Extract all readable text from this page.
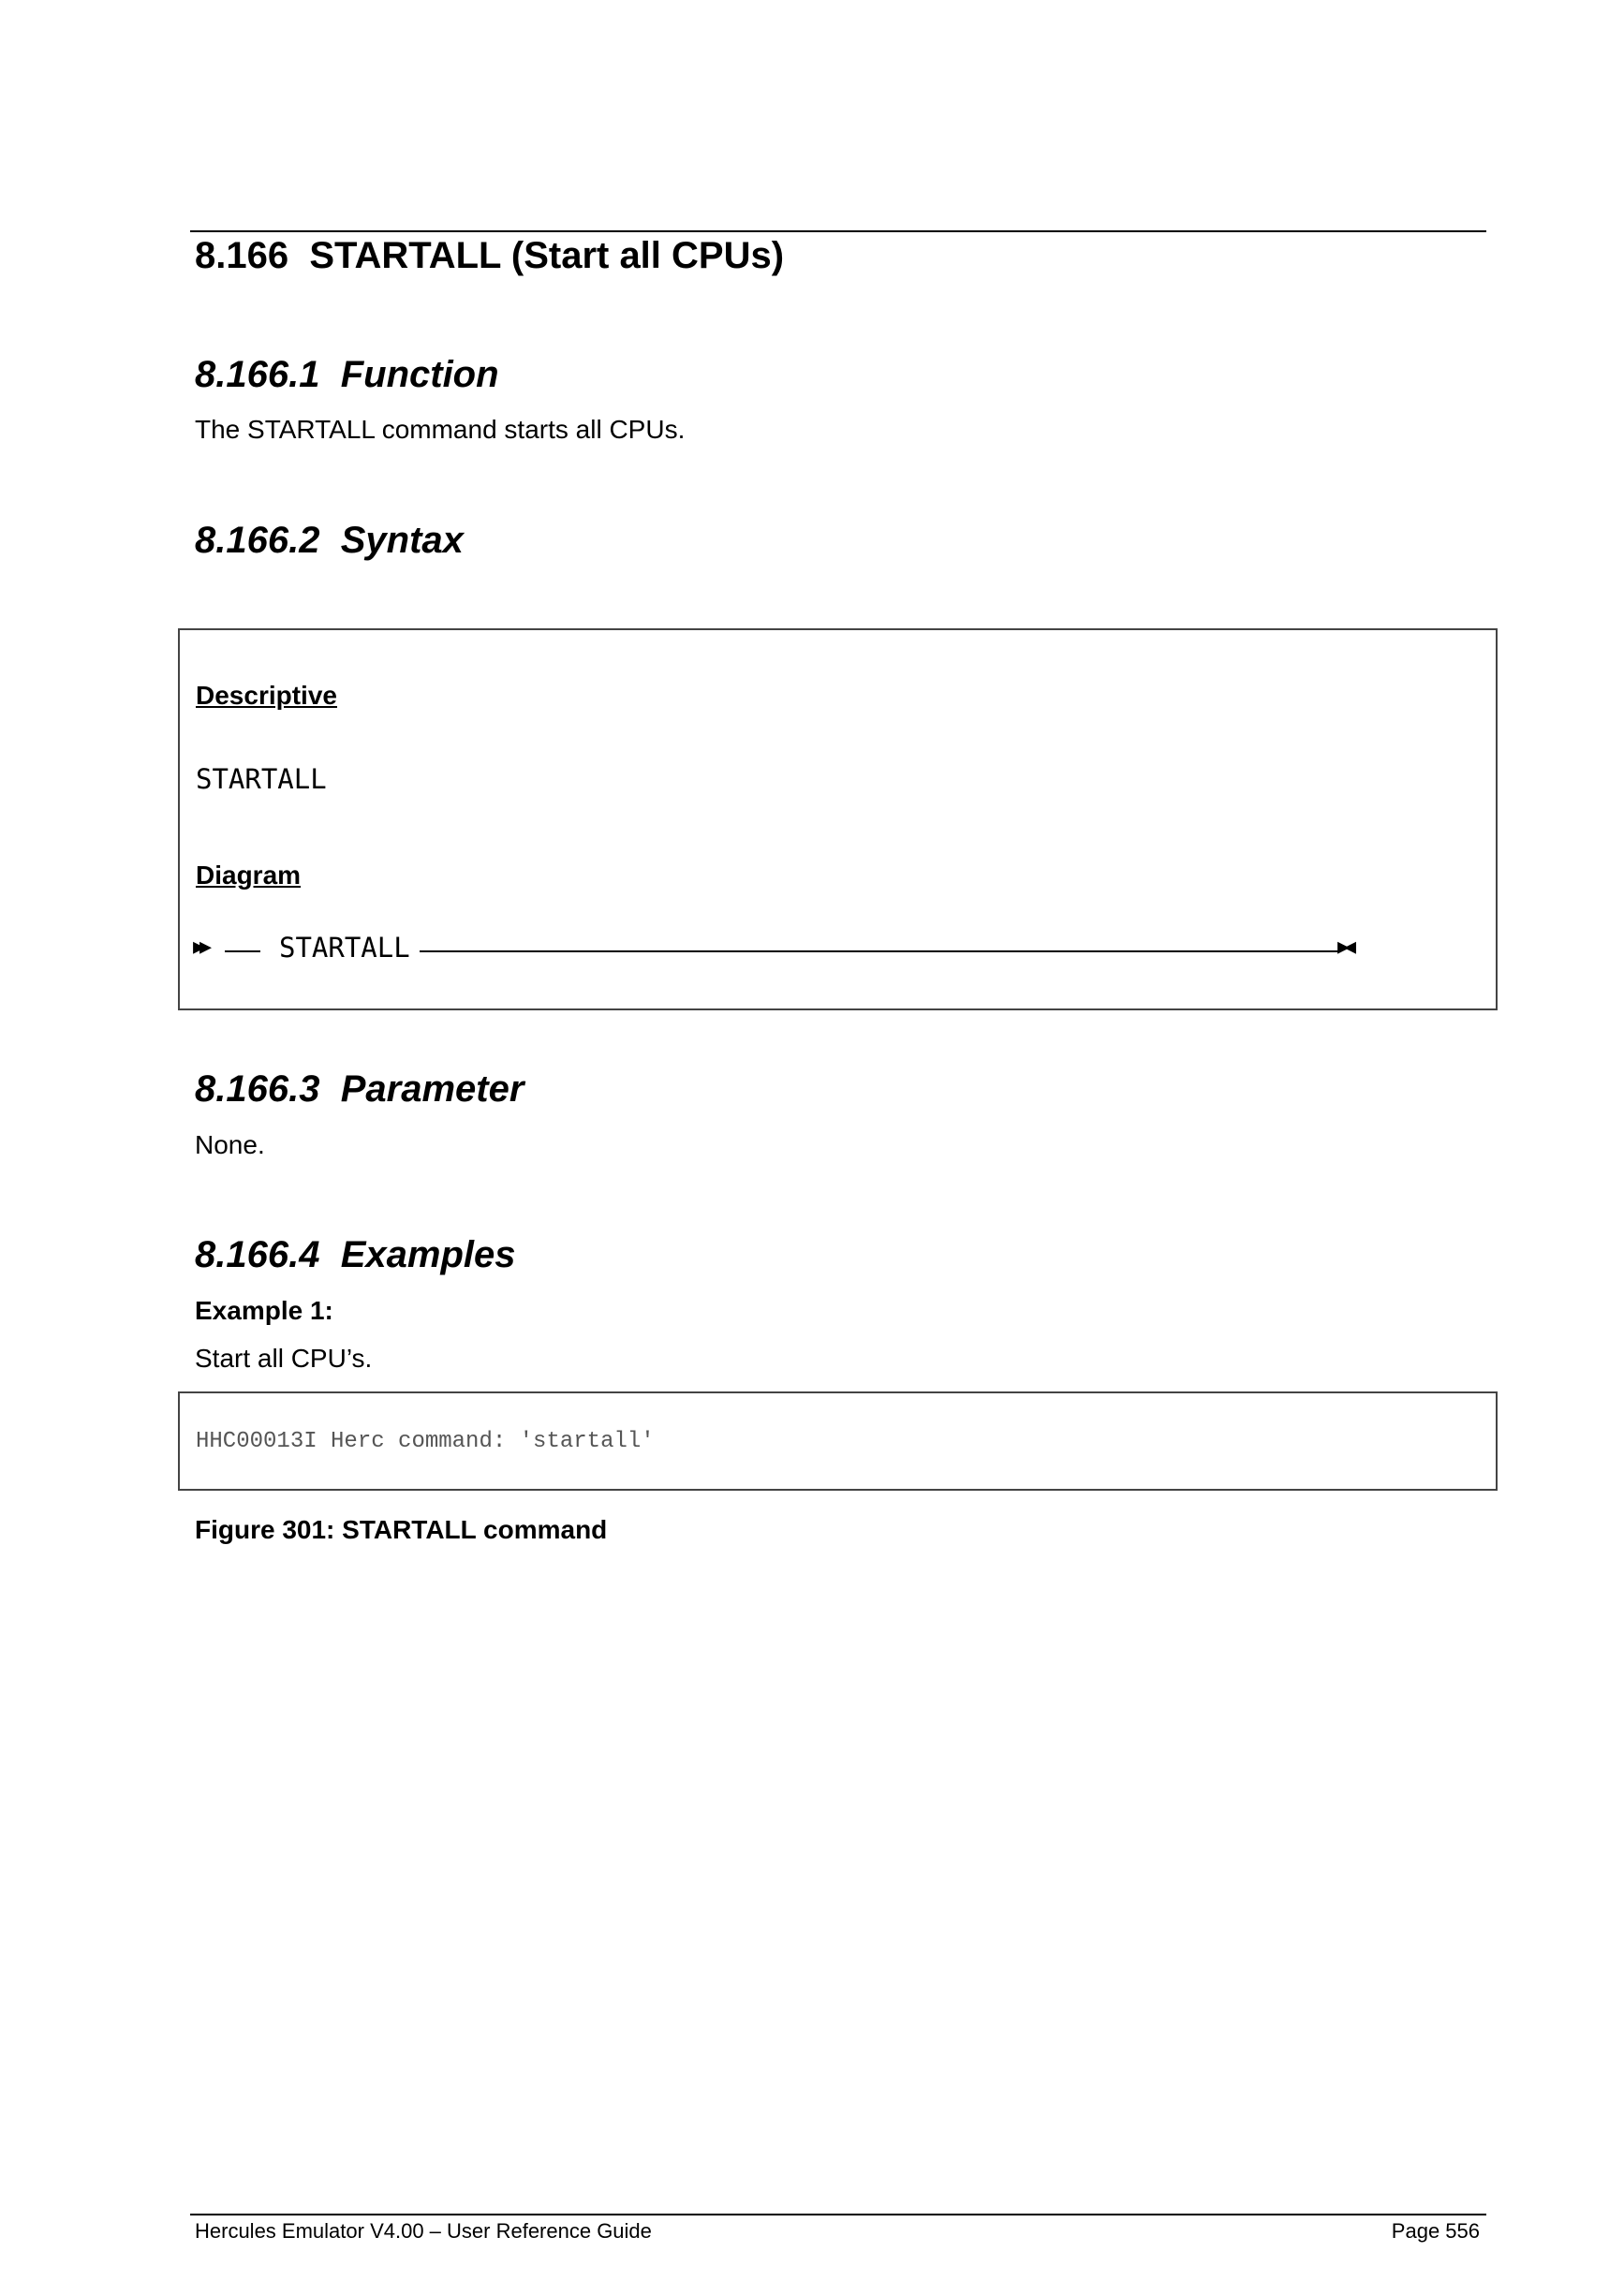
8.166 STARTALL (Start all CPUs)
8.166.1 Function
The STARTALL command starts all CPUs.
8.166.2 Syntax
Descriptive
STARTALL
Diagram
▸▸	STARTALL	▸◂
8.166.3 Parameter
None.
8.166.4 Examples
Example 1:
Start all CPU’s.
HHC00013I Herc command: 'startall'
Figure 301: STARTALL command
Hercules Emulator V4.00 – User Reference Guide	Page 556
